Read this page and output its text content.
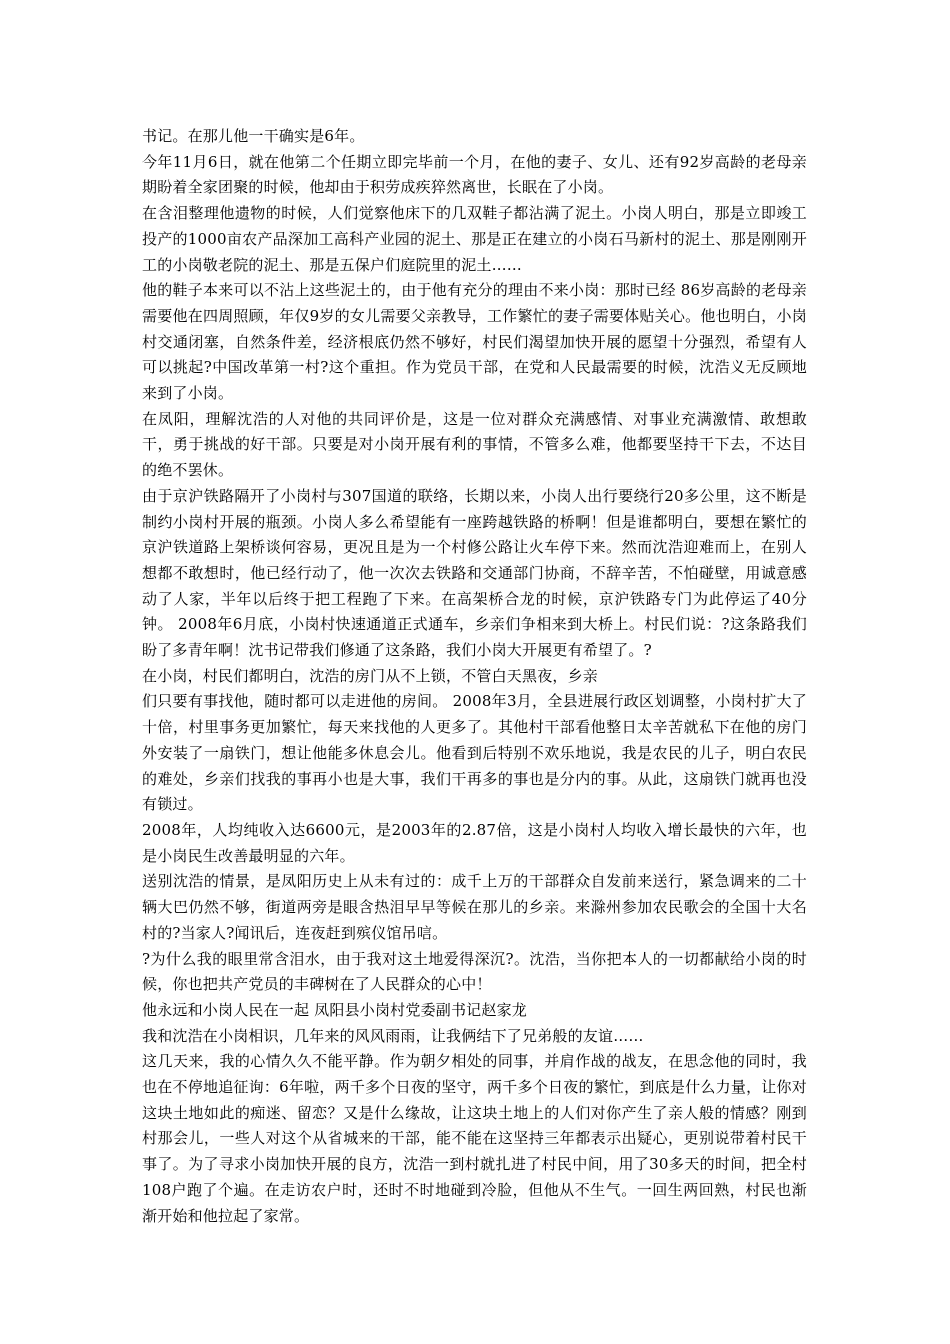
书记。在那儿他一干确实是6年。

今年11月6日，就在他第二个任期立即完毕前一个月，在他的妻子、女儿、还有92岁高龄的老母亲期盼着全家团聚的时候，他却由于积劳成疾猝然离世，长眠在了小岗。

在含泪整理他遗物的时候，人们觉察他床下的几双鞋子都沾满了泥土。小岗人明白，那是立即竣工投产的1000亩农产品深加工高科产业园的泥土、那是正在建立的小岗石马新村的泥土、那是刚刚开工的小岗敬老院的泥土、那是五保户们庭院里的泥土……

他的鞋子本来可以不沾上这些泥土的，由于他有充分的理由不来小岗：那时已经 86岁高龄的老母亲需要他在四周照顾，年仅9岁的女儿需要父亲教导，工作繁忙的妻子需要体贴关心。他也明白，小岗村交通闭塞，自然条件差，经济根底仍然不够好，村民们渴望加快开展的愿望十分强烈，希望有人可以挑起?中国改革第一村?这个重担。作为党员干部，在党和人民最需要的时候，沈浩义无反顾地来到了小岗。

在凤阳，理解沈浩的人对他的共同评价是，这是一位对群众充满感情、对事业充满激情、敢想敢干，勇于挑战的好干部。只要是对小岗开展有利的事情，不管多么难，他都要坚持干下去，不达目的绝不罢休。

由于京沪铁路隔开了小岗村与307国道的联络，长期以来，小岗人出行要绕行20多公里，这不断是制约小岗村开展的瓶颈。小岗人多么希望能有一座跨越铁路的桥啊！但是谁都明白，要想在繁忙的京沪铁道路上架桥谈何容易，更况且是为一个村修公路让火车停下来。然而沈浩迎难而上，在别人想都不敢想时，他已经行动了，他一次次去铁路和交通部门协商，不辞辛苦，不怕碰壁，用诚意感动了人家，半年以后终于把工程跑了下来。在高架桥合龙的时候，京沪铁路专门为此停运了40分钟。 2008年6月底，小岗村快速通道正式通车，乡亲们争相来到大桥上。村民们说：?这条路我们盼了多青年啊！沈书记带我们修通了这条路，我们小岗大开展更有希望了。?

在小岗，村民们都明白，沈浩的房门从不上锁，不管白天黑夜，乡亲

们只要有事找他，随时都可以走进他的房间。 2008年3月，全县进展行政区划调整，小岗村扩大了十倍，村里事务更加繁忙，每天来找他的人更多了。其他村干部看他整日太辛苦就私下在他的房门外安装了一扇铁门，想让他能多休息会儿。他看到后特别不欢乐地说，我是农民的儿子，明白农民的难处，乡亲们找我的事再小也是大事，我们干再多的事也是分内的事。从此，这扇铁门就再也没有锁过。

2008年，人均纯收入达6600元，是2003年的2.87倍，这是小岗村人均收入增长最快的六年，也是小岗民生改善最明显的六年。

送别沈浩的情景，是凤阳历史上从未有过的：成千上万的干部群众自发前来送行，紧急调来的二十辆大巴仍然不够，街道两旁是眼含热泪早早等候在那儿的乡亲。来滁州参加农民歌会的全国十大名村的?当家人?闻讯后，连夜赶到殡仪馆吊唁。

?为什么我的眼里常含泪水，由于我对这土地爱得深沉?。沈浩，当你把本人的一切都献给小岗的时候，你也把共产党员的丰碑树在了人民群众的心中！

他永远和小岗人民在一起 凤阳县小岗村党委副书记赵家龙

我和沈浩在小岗相识，几年来的风风雨雨，让我俩结下了兄弟般的友谊……

这几天来，我的心情久久不能平静。作为朝夕相处的同事，并肩作战的战友，在思念他的同时，我也在不停地追征询：6年啦，两千多个日夜的坚守，两千多个日夜的繁忙，到底是什么力量，让你对这块土地如此的痴迷、留恋？又是什么缘故，让这块土地上的人们对你产生了亲人般的情感？刚到村那会儿，一些人对这个从省城来的干部，能不能在这坚持三年都表示出疑心，更别说带着村民干事了。为了寻求小岗加快开展的良方，沈浩一到村就扎进了村民中间，用了30多天的时间，把全村108户跑了个遍。在走访农户时，还时不时地碰到冷脸，但他从不生气。一回生两回熟，村民也渐渐开始和他拉起了家常。
